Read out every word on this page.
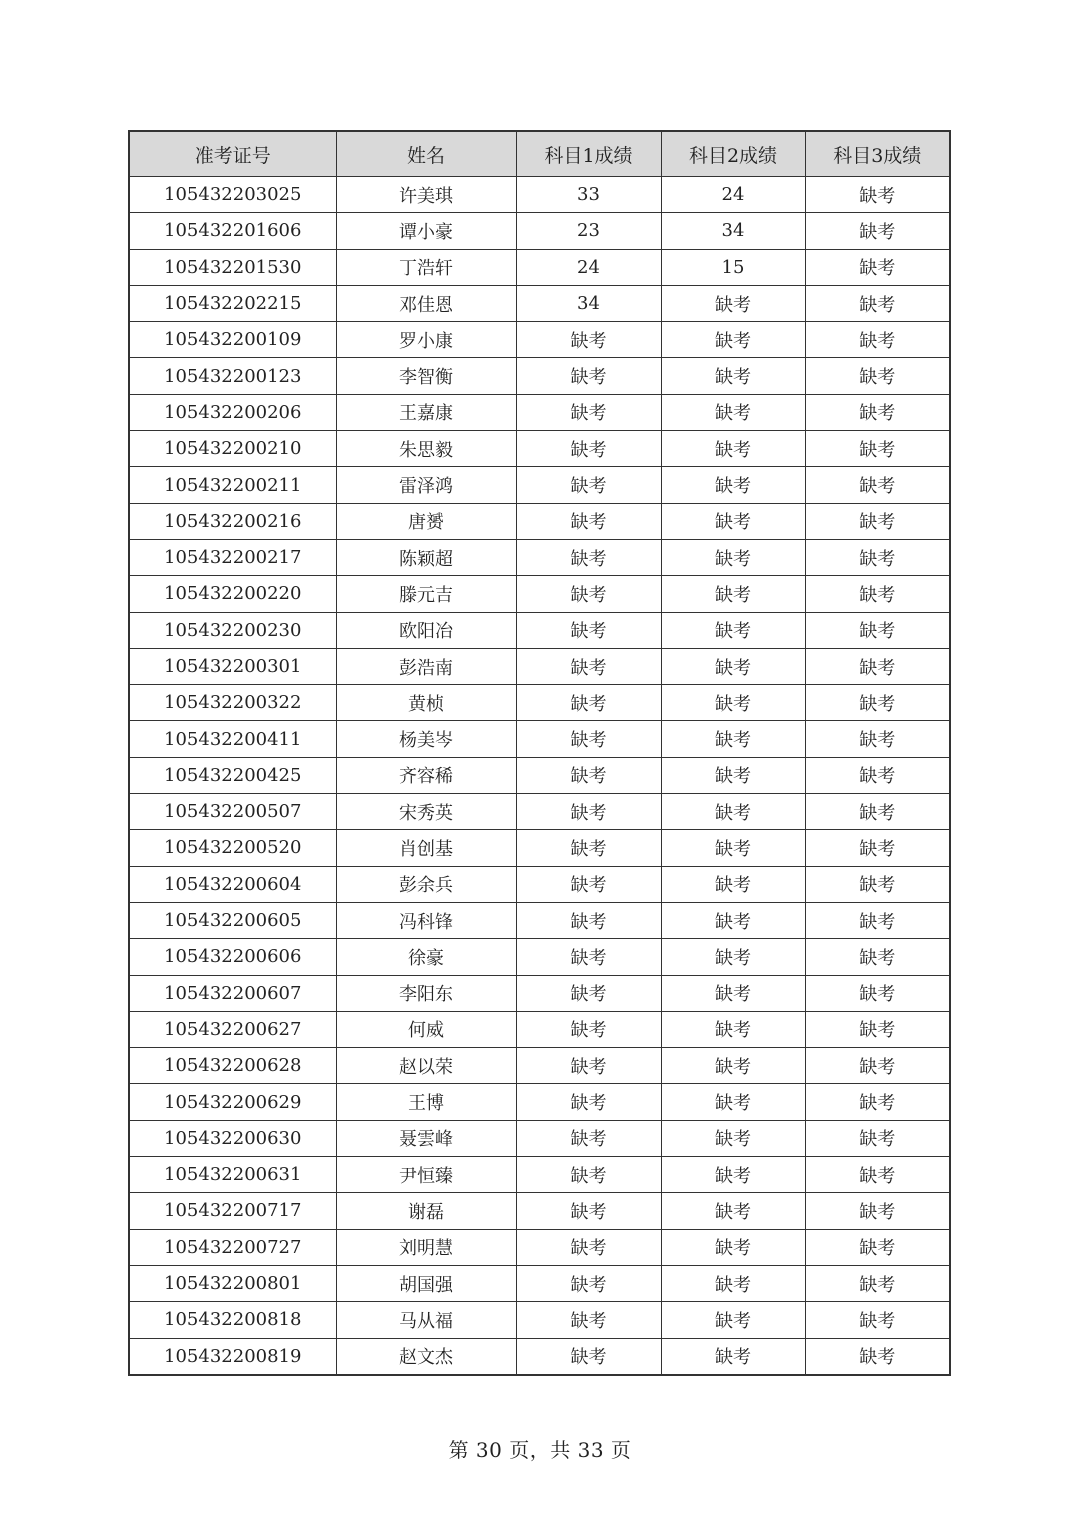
准考证号	姓名	科目1成绩	科目2成绩	科目3成绩
105432203025	许美琪	33	24	缺考
105432201606	谭小豪	23	34	缺考
105432201530	丁浩轩	24	15	缺考
105432202215	邓佳恩	34	缺考	缺考
105432200109	罗小康	缺考	缺考	缺考
105432200123	李智衡	缺考	缺考	缺考
105432200206	王嘉康	缺考	缺考	缺考
105432200210	朱思毅	缺考	缺考	缺考
105432200211	雷泽鸿	缺考	缺考	缺考
105432200216	唐赟	缺考	缺考	缺考
105432200217	陈颖超	缺考	缺考	缺考
105432200220	滕元吉	缺考	缺考	缺考
105432200230	欧阳冶	缺考	缺考	缺考
105432200301	彭浩南	缺考	缺考	缺考
105432200322	黄桢	缺考	缺考	缺考
105432200411	杨美岑	缺考	缺考	缺考
105432200425	齐容稀	缺考	缺考	缺考
105432200507	宋秀英	缺考	缺考	缺考
105432200520	肖创基	缺考	缺考	缺考
105432200604	彭余兵	缺考	缺考	缺考
105432200605	冯科锋	缺考	缺考	缺考
105432200606	徐豪	缺考	缺考	缺考
105432200607	李阳东	缺考	缺考	缺考
105432200627	何威	缺考	缺考	缺考
105432200628	赵以荣	缺考	缺考	缺考
105432200629	王博	缺考	缺考	缺考
105432200630	聂雲峰	缺考	缺考	缺考
105432200631	尹恒臻	缺考	缺考	缺考
105432200717	谢磊	缺考	缺考	缺考
105432200727	刘明慧	缺考	缺考	缺考
105432200801	胡国强	缺考	缺考	缺考
105432200818	马从福	缺考	缺考	缺考
105432200819	赵文杰	缺考	缺考	缺考
第 30 页，共 33 页
